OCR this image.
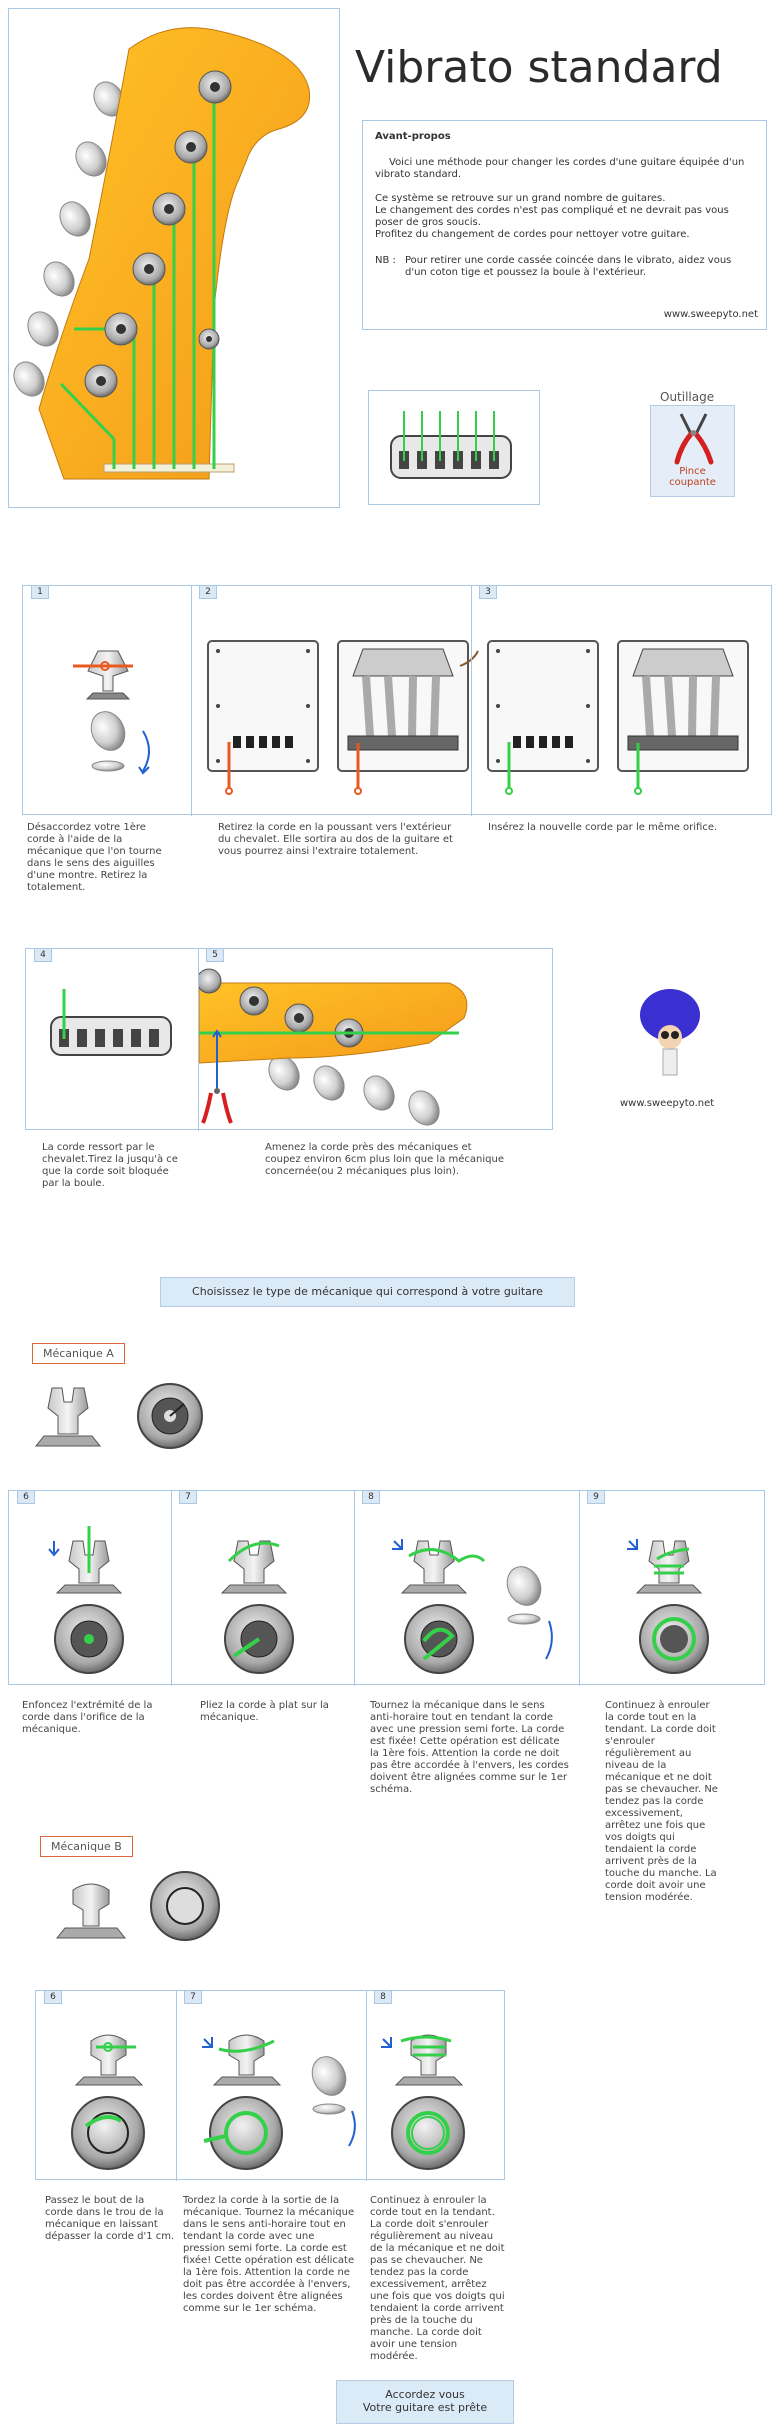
Vibrato standard
Avant-propos
Voici une méthode pour changer les cordes d'une guitare équipée d'un vibrato standard.
Ce système se retrouve sur un grand nombre de guitares.
Le changement des cordes n'est pas compliqué et ne devrait pas vous poser de gros soucis.
Profitez du changement de cordes pour nettoyer votre guitare.
NB : Pour retirer une corde cassée coincée dans le vibrato, aidez vous d'un coton tige et poussez la boule à l'extérieur.
www.sweepyto.net
Outillage
Pince
coupante
1	2	3
Désaccordez votre 1ère corde à l'aide de la mécanique que l'on tourne dans le sens des aiguilles d'une montre. Retirez la totalement.
Retirez la corde en la poussant vers l'extérieur du chevalet. Elle sortira au dos de la guitare et vous pourrez ainsi l'extraire totalement.
Insérez la nouvelle corde par le même orifice.
4	5
La corde ressort par le chevalet.Tirez la jusqu'à ce que la corde soit bloquée par la boule.
Amenez la corde près des mécaniques et coupez environ 6cm plus loin que la mécanique concernée(ou 2 mécaniques plus loin).
www.sweepyto.net
Choisissez le type de mécanique qui correspond à votre guitare
Mécanique A
6	7	8	9
Enfoncez l'extrémité de la corde dans l'orifice de la mécanique.
Pliez la corde à plat sur la mécanique.
Tournez la mécanique dans le sens anti-horaire tout en tendant la corde avec une pression semi forte. La corde est fixée! Cette opération est délicate la 1ère fois. Attention la corde ne doit pas être accordée à l'envers, les cordes doivent être alignées comme sur le 1er schéma.
Continuez à enrouler la corde tout en la tendant. La corde doit s'enrouler régulièrement au niveau de la mécanique et ne doit pas se chevaucher. Ne tendez pas la corde excessivement, arrêtez une fois que vos doigts qui tendaient la corde arrivent près de la touche du manche. La corde doit avoir une tension modérée.
Mécanique B
6	7	8
Passez le bout de la corde dans le trou de la mécanique en laissant dépasser la corde d'1 cm.
Tordez la corde à la sortie de la mécanique. Tournez la mécanique dans le sens anti-horaire tout en tendant la corde avec une pression semi forte. La corde est fixée! Cette opération est délicate la 1ère fois. Attention la corde ne doit pas être accordée à l'envers, les cordes doivent être alignées comme sur le 1er schéma.
Continuez à enrouler la corde tout en la tendant. La corde doit s'enrouler régulièrement au niveau de la mécanique et ne doit pas se chevaucher. Ne tendez pas la corde excessivement, arrêtez une fois que vos doigts qui tendaient la corde arrivent près de la touche du manche. La corde doit avoir une tension modérée.
Accordez vous
Votre guitare est prête
